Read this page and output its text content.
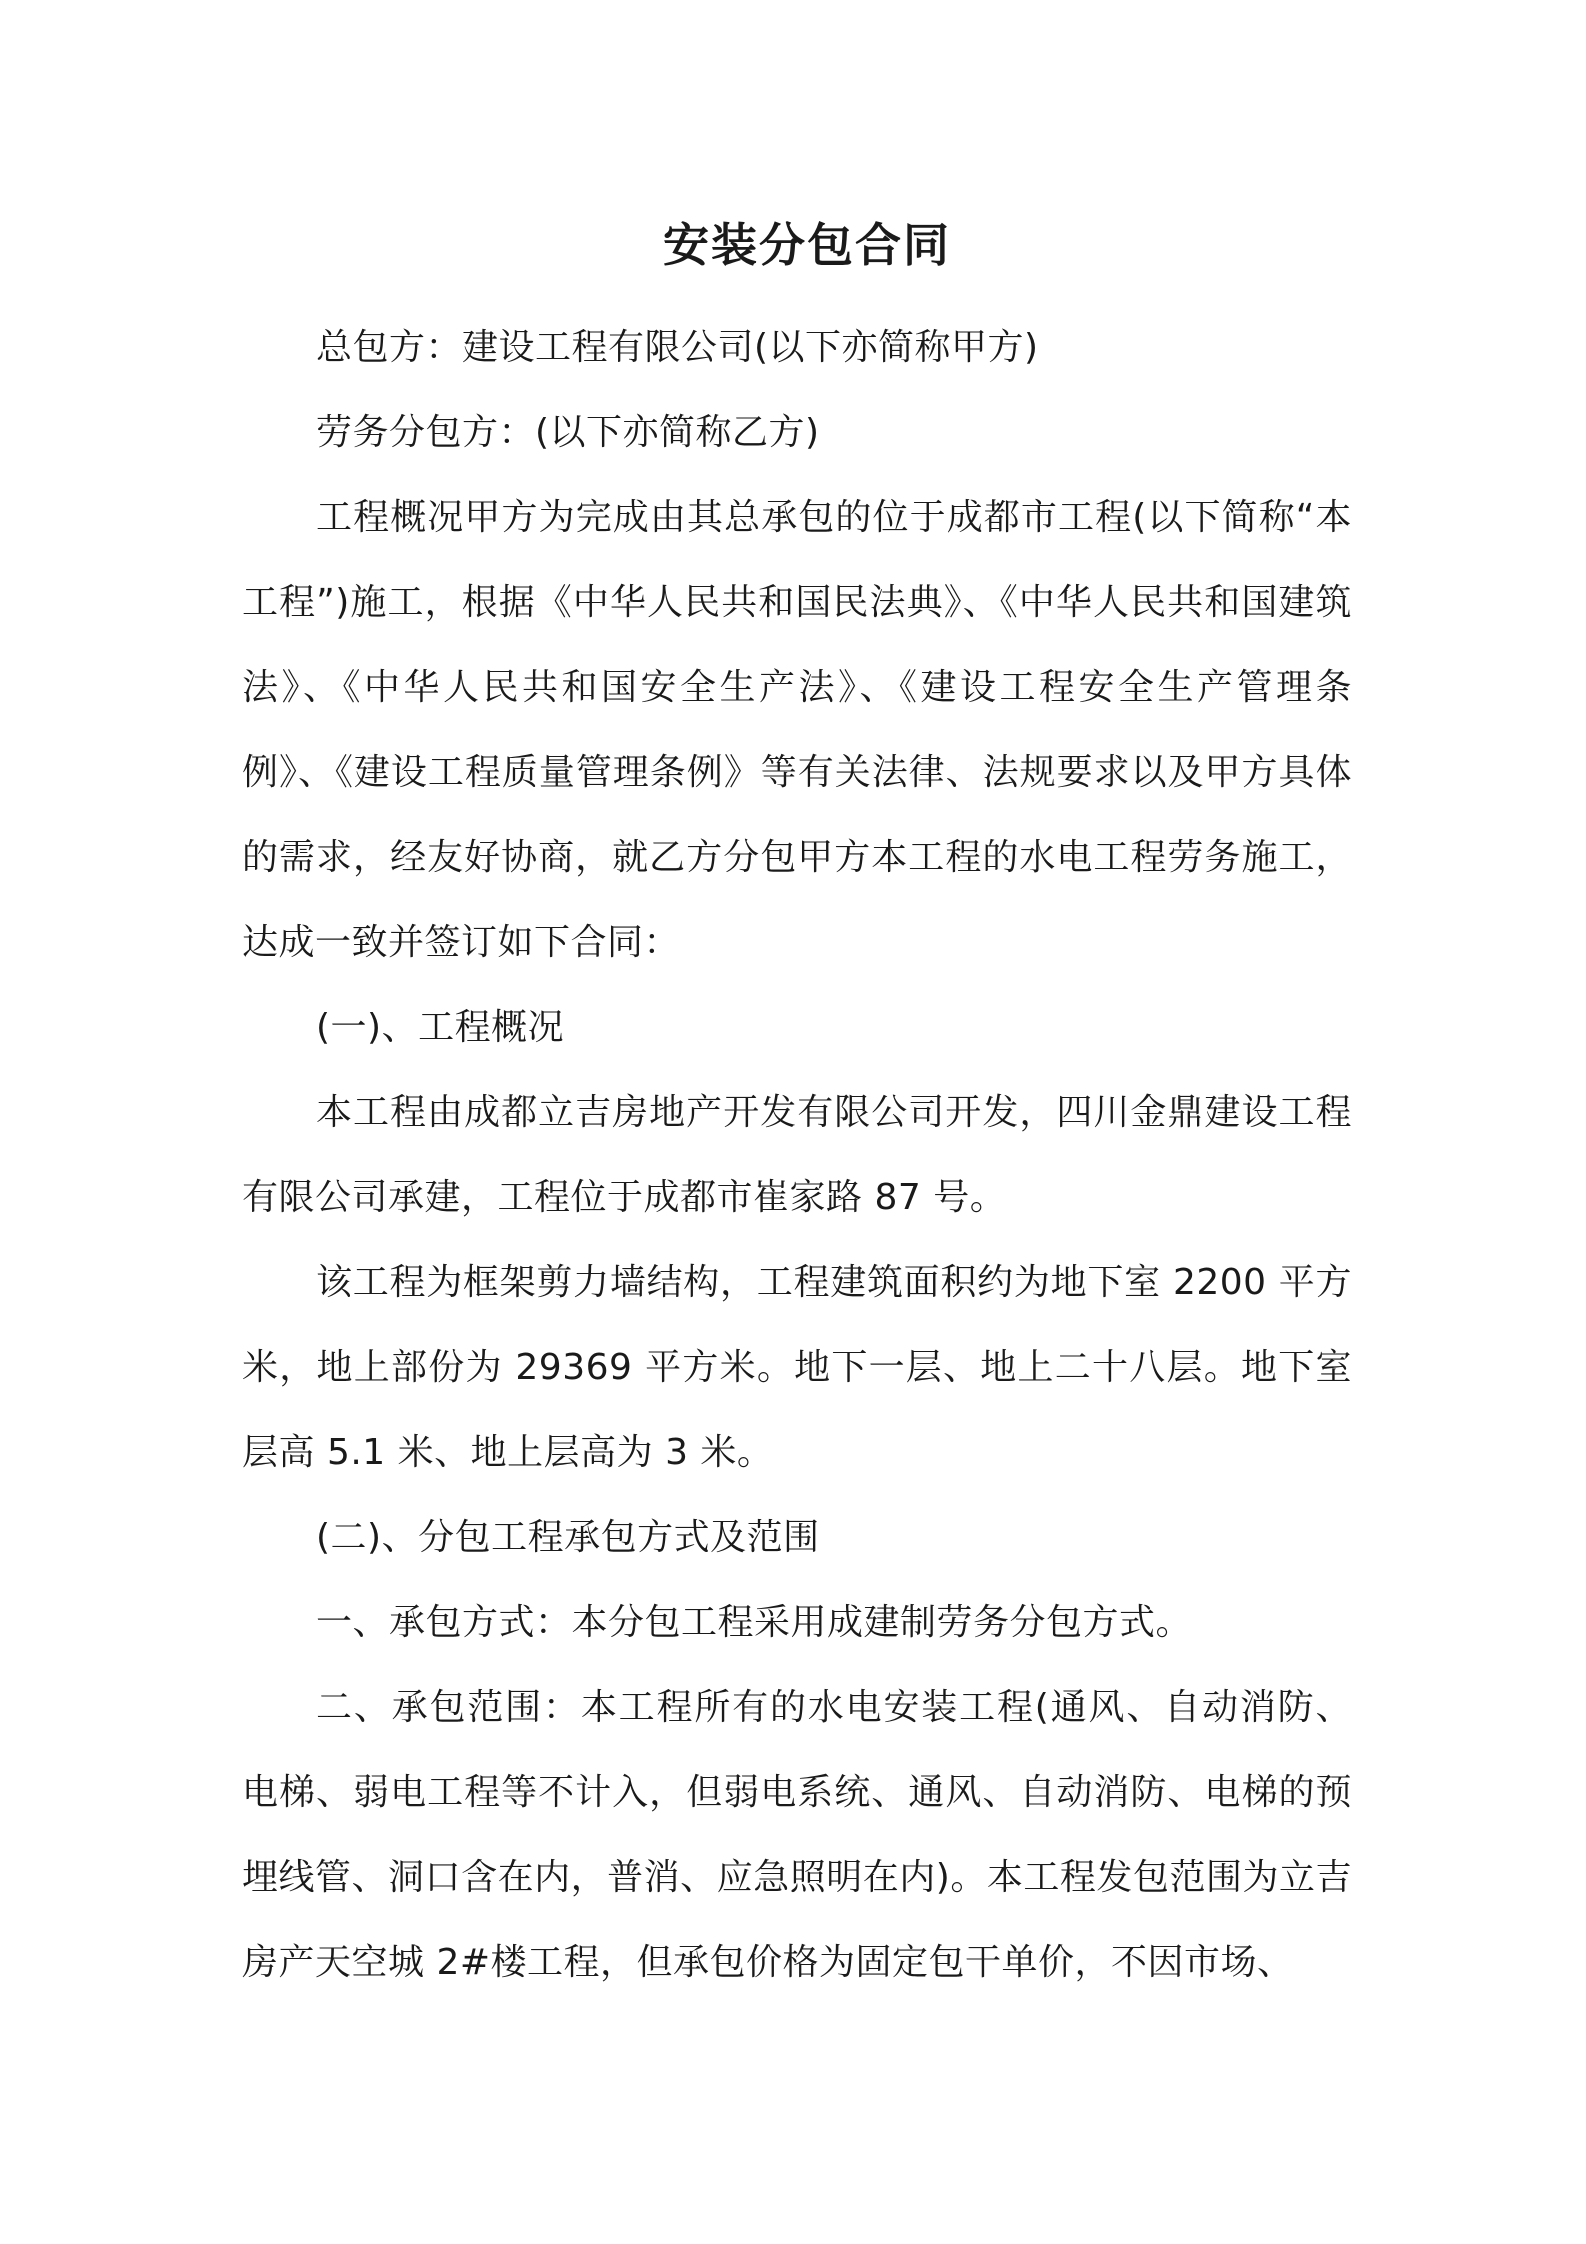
安装分包合同

总包方：建设工程有限公司(以下亦简称甲方)

劳务分包方：(以下亦简称乙方)

工程概况甲方为完成由其总承包的位于成都市工程(以下简称“本工程”)施工，根据《中华人民共和国民法典》、《中华人民共和国建筑法》、《中华人民共和国安全生产法》、《建设工程安全生产管理条例》、《建设工程质量管理条例》等有关法律、法规要求以及甲方具体的需求，经友好协商，就乙方分包甲方本工程的水电工程劳务施工，达成一致并签订如下合同：

(一)、工程概况

本工程由成都立吉房地产开发有限公司开发，四川金鼎建设工程有限公司承建，工程位于成都市崔家路 87 号。

该工程为框架剪力墙结构，工程建筑面积约为地下室 2200 平方米，地上部份为 29369 平方米。地下一层、地上二十八层。地下室层高 5.1 米、地上层高为 3 米。

(二)、分包工程承包方式及范围

一、承包方式：本分包工程采用成建制劳务分包方式。

二、承包范围：本工程所有的水电安装工程(通风、自动消防、电梯、弱电工程等不计入，但弱电系统、通风、自动消防、电梯的预埋线管、洞口含在内，普消、应急照明在内)。本工程发包范围为立吉房产天空城 2#楼工程，但承包价格为固定包干单价，不因市场、
